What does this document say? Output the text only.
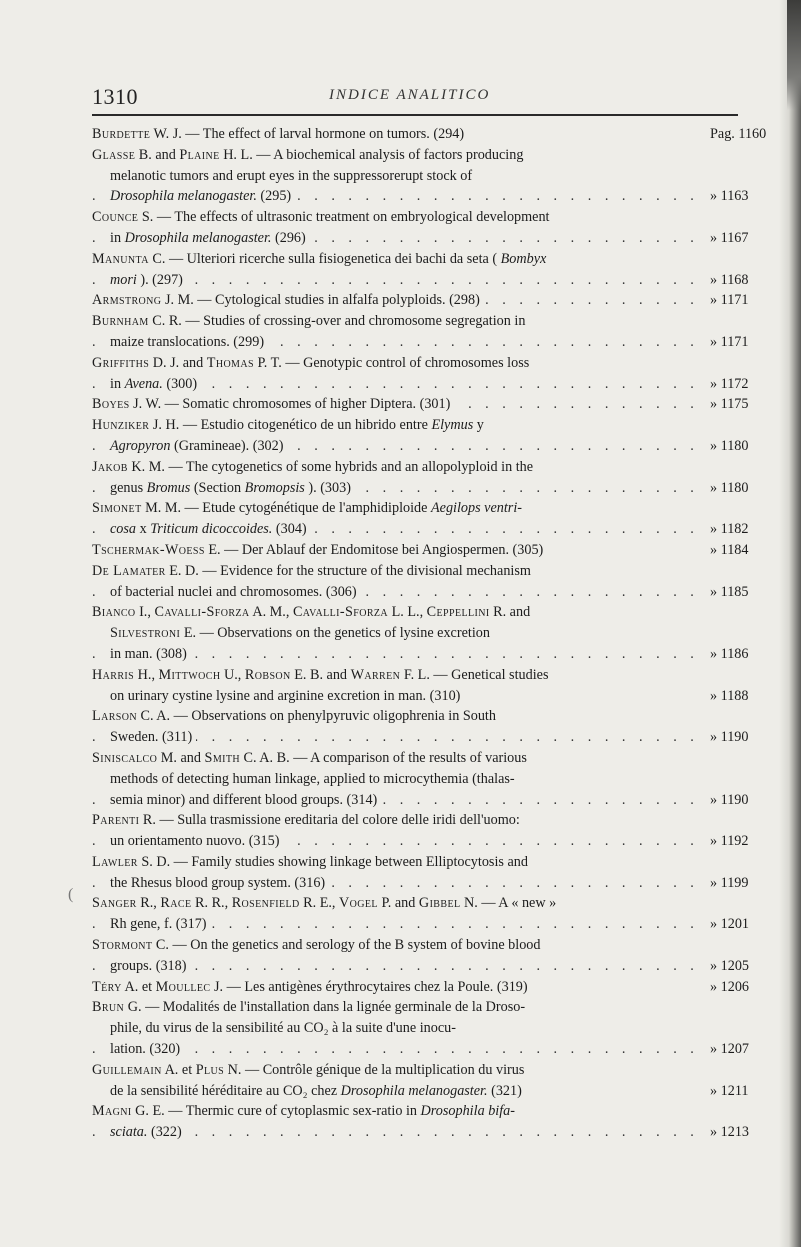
1310	INDICE ANALITICO
Burdette W. J. — The effect of larval hormone on tumors. (294)	Pag. 1160
Glasse B. and Plaine H. L. — A biochemical analysis of factors producing
melanotic tumors and erupt eyes in the suppressorerupt stock of
Drosophila melanogaster. (295) . . .	» 1163
Counce S. — The effects of ultrasonic treatment on embryological development
in Drosophila melanogaster. (296) . . .	» 1167
Manunta C. — Ulteriori ricerche sulla fisiogenetica dei bachi da seta ( Bombyx
mori ). (297) . . .	» 1168
Armstrong J. M. — Cytological studies in alfalfa polyploids. (298) . . .	» 1171
Burnham C. R. — Studies of crossing-over and chromosome segregation in
maize translocations. (299) . . .	» 1171
Griffiths D. J. and Thomas P. T. — Genotypic control of chromosomes loss
in Avena. (300) . . .	» 1172
Boyes J. W. — Somatic chromosomes of higher Diptera. (301) . . .	» 1175
Hunziker J. H. — Estudio citogenético de un hibrido entre Elymus y
Agropyron (Gramineae). (302) . . .	» 1180
Jakob K. M. — The cytogenetics of some hybrids and an allopolyploid in the
genus Bromus (Section Bromopsis ). (303) . . .	» 1180
Simonet M. M. — Etude cytogénétique de l'amphidiploide Aegilops ventri-
cosa x Triticum dicoccoides. (304) . . .	» 1182
Tschermak-Woess E. — Der Ablauf der Endomitose bei Angiospermen. (305)	» 1184
De Lamater E. D. — Evidence for the structure of the divisional mechanism
of bacterial nuclei and chromosomes. (306) . . .	» 1185
Bianco I., Cavalli-Sforza A. M., Cavalli-Sforza L. L., Ceppellini R. and
Silvestroni E. — Observations on the genetics of lysine excretion
in man. (308) . . .	» 1186
Harris H., Mittwoch U., Robson E. B. and Warren F. L. — Genetical studies
on urinary cystine lysine and arginine excretion in man. (310)	» 1188
Larson C. A. — Observations on phenylpyruvic oligophrenia in South
Sweden. (311) . . .	» 1190
Siniscalco M. and Smith C. A. B. — A comparison of the results of various
methods of detecting human linkage, applied to microcythemia (thalas-
semia minor) and different blood groups. (314) . . .	» 1190
Parenti R. — Sulla trasmissione ereditaria del colore delle iridi dell'uomo:
un orientamento nuovo. (315) . . .	» 1192
Lawler S. D. — Family studies showing linkage between Elliptocytosis and
the Rhesus blood group system. (316) . . .	» 1199
Sanger R., Race R. R., Rosenfield R. E., Vogel P. and Gibbel N. — A « new »
Rh gene, f. (317) . . .	» 1201
Stormont C. — On the genetics and serology of the B system of bovine blood
groups. (318) . . .	» 1205
Téry A. et Moullec J. — Les antigènes érythrocytaires chez la Poule. (319)	» 1206
Brun G. — Modalités de l'installation dans la lignée germinale de la Droso-
phile, du virus de la sensibilité au CO₂ à la suite d'une inocu-
lation. (320) . . .	» 1207
Guillemain A. et Plus N. — Contrôle génique de la multiplication du virus
de la sensibilité héréditaire au CO₂ chez Drosophila melanogaster. (321)	» 1211
Magni G. E. — Thermic cure of cytoplasmic sex-ratio in Drosophila bifa-
sciata. (322) . . .	» 1213
(
